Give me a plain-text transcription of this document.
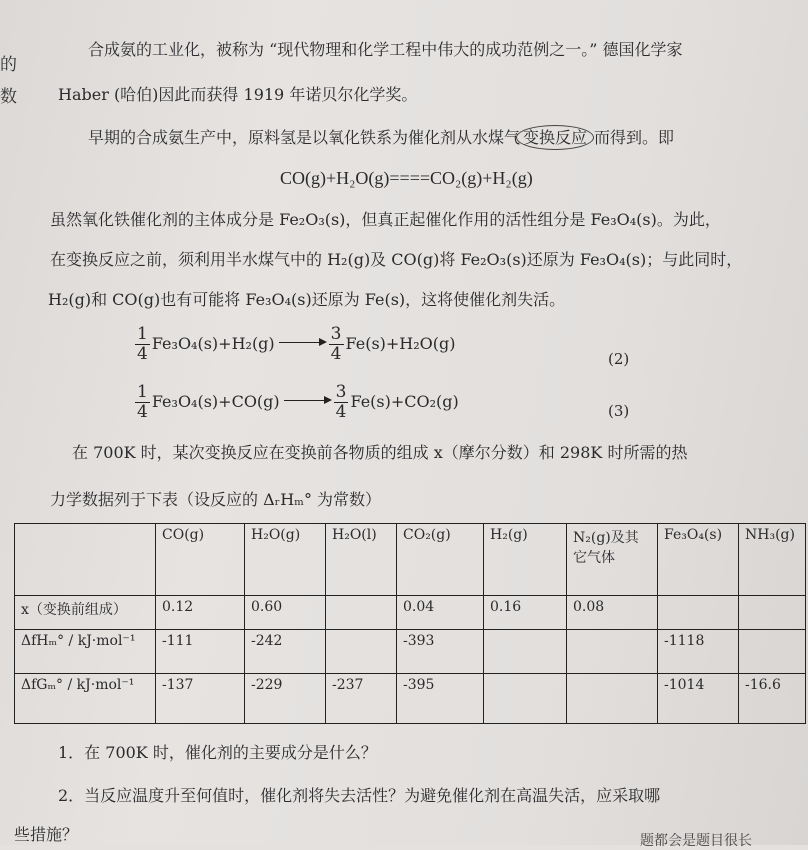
的
数
合成氨的工业化，被称为 “现代物理和化学工程中伟大的成功范例之一。” 德国化学家
Haber (哈伯)因此而获得 1919 年诺贝尔化学奖。
早期的合成氨生产中，原料氢是以氧化铁系为催化剂从水煤气 变换反应 而得到。即
CO(g)+H₂O(g)====CO₂(g)+H₂(g)
虽然氧化铁催化剂的主体成分是 Fe₂O₃(s)，但真正起催化作用的活性组分是 Fe₃O₄(s)。为此，
在变换反应之前，须利用半水煤气中的 H₂(g)及 CO(g)将 Fe₂O₃(s)还原为 Fe₃O₄(s)；与此同时，
H₂(g)和 CO(g)也有可能将 Fe₃O₄(s)还原为 Fe(s)，这将使催化剂失活。
$\frac{1}{4} Fe_3O_4(s)+H_2(g)$	$\frac{3}{4} Fe(s)+H_2O(g)$
(2)
$\frac{1}{4} Fe_3O_4(s)+CO(g)$	$\frac{3}{4} Fe(s)+CO_2(g)$	(3)
在 700K 时，某次变换反应在变换前各物质的组成 x（摩尔分数）和 298K 时所需的热
力学数据列于下表（设反应的 ΔᵣHₘ° 为常数）
	CO(g)	H₂O(g)	H₂O(l)	CO₂(g)	H₂(g)	N₂(g)及其它气体	Fe₃O₄(s)	NH₃(g)
x（变换前组成）	0.12	0.60		0.04	0.16	0.08		
ΔfHₘ° / kJ·mol⁻¹	-111	-242		-393			-1118	
ΔfGₘ° / kJ·mol⁻¹	-137	-229	-237	-395			-1014	-16.6
1．在 700K 时，催化剂的主要成分是什么？
2．当反应温度升至何值时，催化剂将失去活性？为避免催化剂在高温失活，应采取哪
些措施？	题都会是题目很长
